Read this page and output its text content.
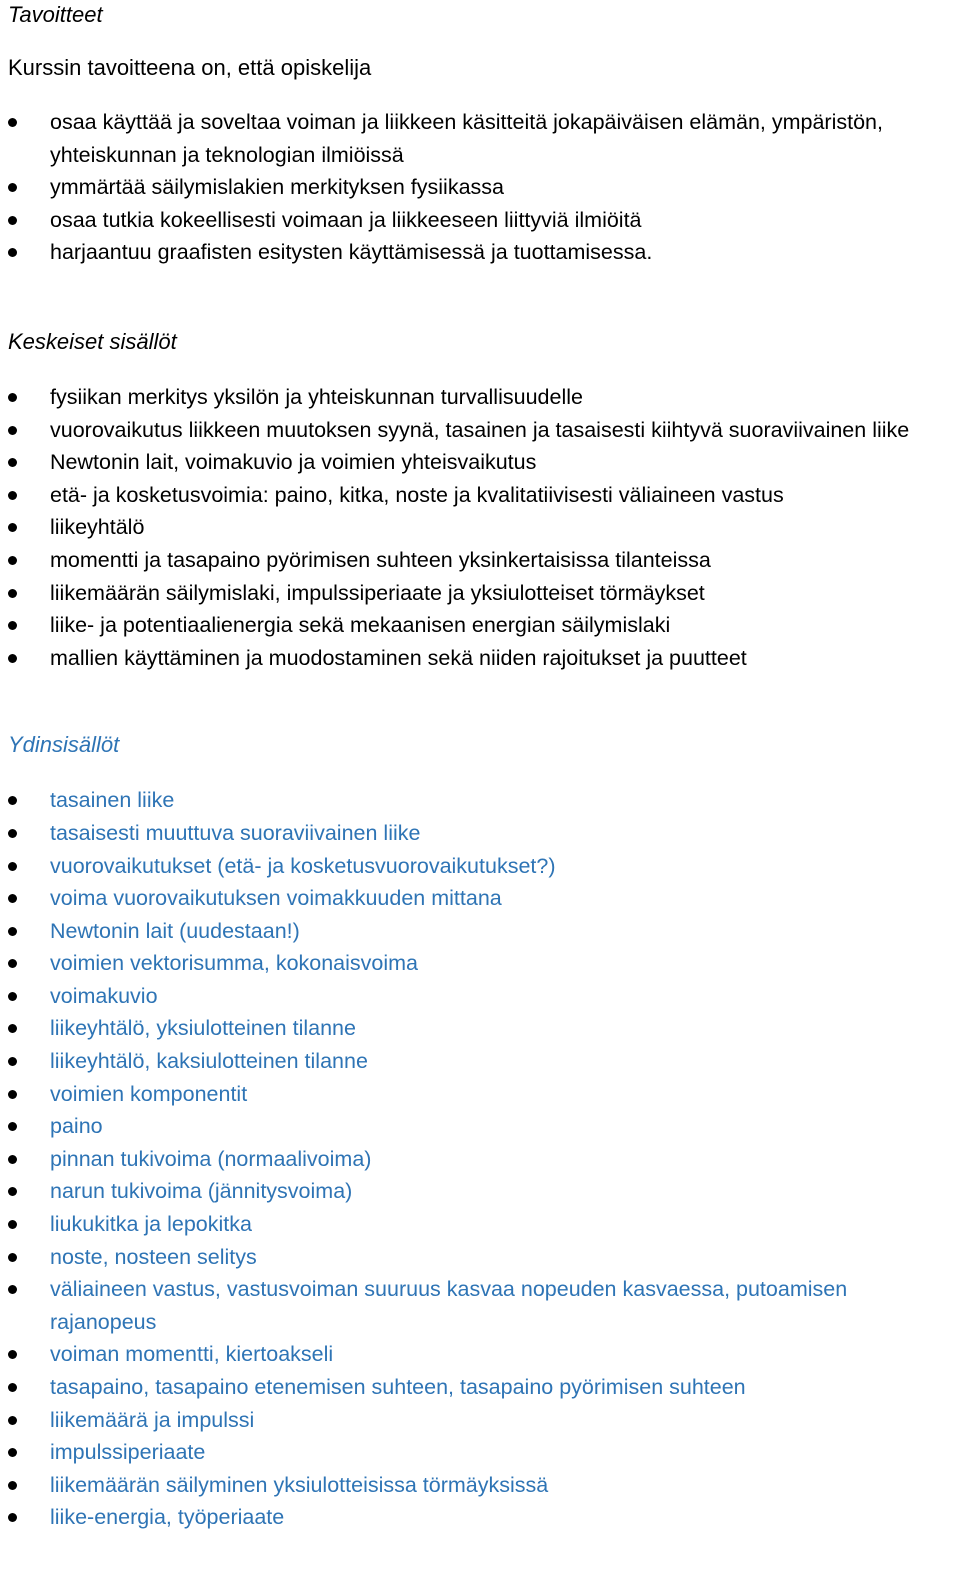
Tavoitteet

Kurssin tavoitteena on, että opiskelija

osaa käyttää ja soveltaa voiman ja liikkeen käsitteitä jokapäiväisen elämän, ympäristön, yhteiskunnan ja teknologian ilmiöissä
ymmärtää säilymislakien merkityksen fysiikassa
osaa tutkia kokeellisesti voimaan ja liikkeeseen liittyviä ilmiöitä
harjaantuu graafisten esitysten käyttämisessä ja tuottamisessa.
Keskeiset sisällöt
fysiikan merkitys yksilön ja yhteiskunnan turvallisuudelle
vuorovaikutus liikkeen muutoksen syynä, tasainen ja tasaisesti kiihtyvä suoraviivainen liike
Newtonin lait, voimakuvio ja voimien yhteisvaikutus
etä- ja kosketusvoimia: paino, kitka, noste ja kvalitatiivisesti väliaineen vastus
liikeyhtälö
momentti ja tasapaino pyörimisen suhteen yksinkertaisissa tilanteissa
liikemäärän säilymislaki, impulssiperiaate ja yksiulotteiset törmäykset
liike- ja potentiaalienergia sekä mekaanisen energian säilymislaki
mallien käyttäminen ja muodostaminen sekä niiden rajoitukset ja puutteet
Ydinsisällöt
tasainen liike
tasaisesti muuttuva suoraviivainen liike
vuorovaikutukset (etä- ja kosketusvuorovaikutukset?)
voima vuorovaikutuksen voimakkuuden mittana
Newtonin lait (uudestaan!)
voimien vektorisumma, kokonaisvoima
voimakuvio
liikeyhtälö, yksiulotteinen tilanne
liikeyhtälö, kaksiulotteinen tilanne
voimien komponentit
paino
pinnan tukivoima (normaalivoima)
narun tukivoima (jännitysvoima)
liukukitka ja lepokitka
noste, nosteen selitys
väliaineen vastus, vastusvoiman suuruus kasvaa nopeuden kasvaessa, putoamisen rajanopeus
voiman momentti, kiertoakseli
tasapaino, tasapaino etenemisen suhteen, tasapaino pyörimisen suhteen
liikemäärä ja impulssi
impulssiperiaate
liikemäärän säilyminen yksiulotteisissa törmäyksissä
liike-energia, työperiaate
